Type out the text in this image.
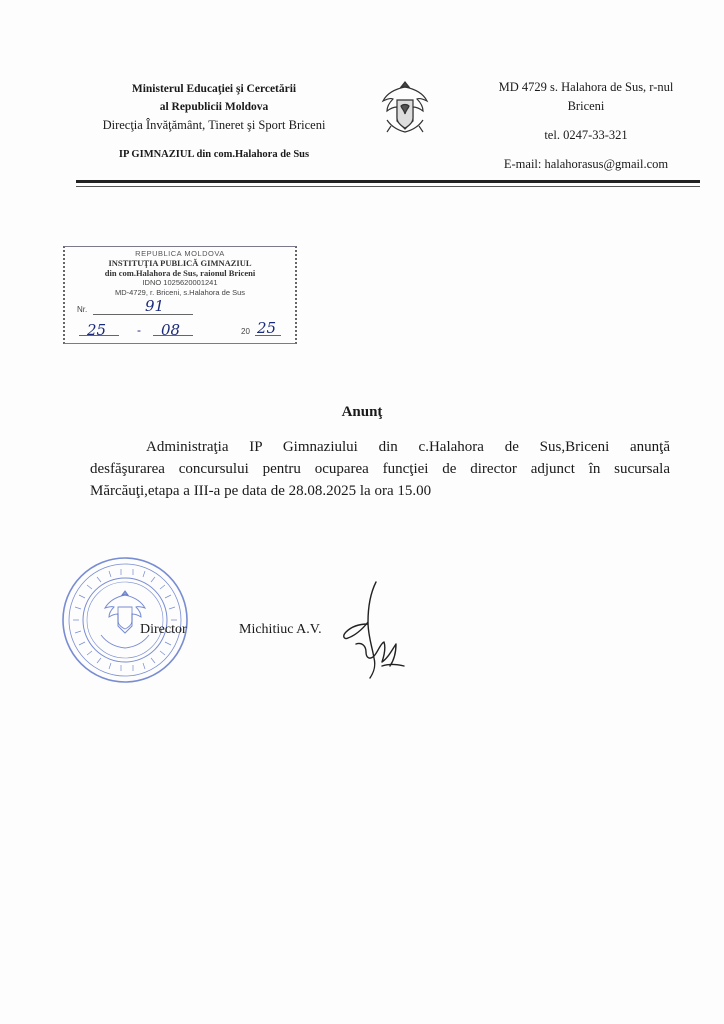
Ministerul Educaţiei şi Cercetării
al Republicii Moldova
Direcţia Învăţământ, Tineret şi Sport Briceni
IP GIMNAZIUL din com.Halahora de Sus
MD 4729 s. Halahora de Sus, r-nul
Briceni
tel. 0247-33-321
E-mail: halahorasus@gmail.com
REPUBLICA MOLDOVA
INSTITUŢIA PUBLICĂ GIMNAZIUL
din com.Halahora de Sus, raionul Briceni
IDNO 1025620001241
MD-4729, r. Briceni, s.Halahora de Sus
Nr.	91
25	- 08	20 25
Anunţ
Administraţia IP Gimnaziului din c.Halahora de Sus,Briceni anunţă
desfăşurarea concursului pentru ocuparea funcţiei de director adjunct în sucursala
Mărcăuţi,etapa a III-a pe data de 28.08.2025 la ora 15.00
Director	Michitiuc A.V.
